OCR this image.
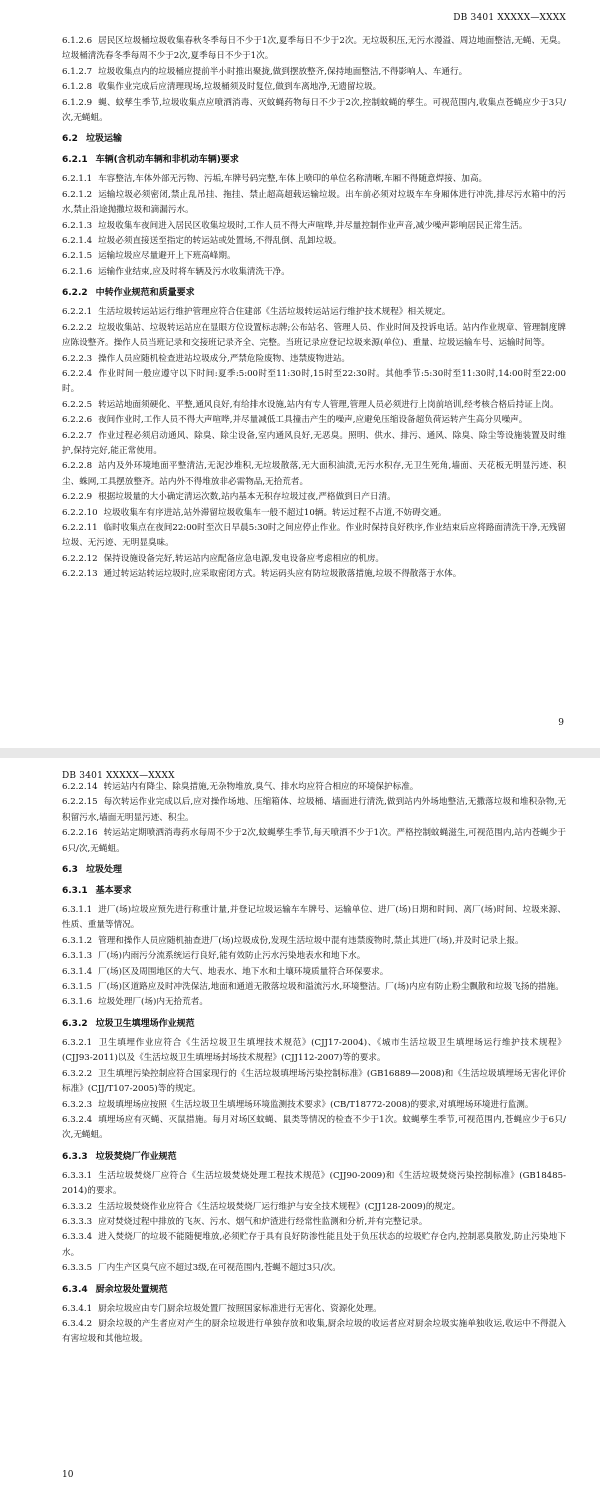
DB 3401 XXXXX—XXXX
6.1.2.6 居民区垃圾桶垃圾收集春秋冬季每日不少于1次,夏季每日不少于2次。无垃圾积压,无污水漫溢、周边地面整洁,无蝇、无臭。垃圾桶清洗春冬季每周不少于2次,夏季每日不少于1次。
6.1.2.7 垃圾收集点内的垃圾桶应提前半小时推出聚拢,做到摆放整齐,保持地面整洁,不得影响人、车通行。
6.1.2.8 收集作业完成后应清理现场,垃圾桶须及时复位,做到车离地净,无遗留垃圾。
6.1.2.9 蝇、蚊孳生季节,垃圾收集点应喷洒消毒、灭蚊蝇药物每日不少于2次,控制蚊蝇的孳生。可视范围内,收集点苍蝇应少于3只/次,无蝇蛆。
6.2 垃圾运输
6.2.1 车辆(含机动车辆和非机动车辆)要求
6.2.1.1 车容整洁,车体外部无污物、污垢,车牌号码完整,车体上喷印的单位名称清晰,车厢不得随意焊接、加高。
6.2.1.2 运输垃圾必须密闭,禁止乱吊挂、拖挂、禁止超高超载运输垃圾。出车前必须对垃圾车车身厢体进行冲洗,排尽污水箱中的污水,禁止沿途抛撒垃圾和滴漏污水。
6.2.1.3 垃圾收集车夜间进入居民区收集垃圾时,工作人员不得大声喧哗,并尽量控制作业声音,减少噪声影响居民正常生活。
6.2.1.4 垃圾必须直接送至指定的转运站或处置场,不得乱倒、乱卸垃圾。
6.2.1.5 运输垃圾应尽量避开上下班高峰期。
6.2.1.6 运输作业结束,应及时将车辆及污水收集清洗干净。
6.2.2 中转作业规范和质量要求
6.2.2.1 生活垃圾转运站运行维护管理应符合住建部《生活垃圾转运站运行维护技术规程》相关规定。
6.2.2.2 垃圾收集站、垃圾转运站应在显眼方位设置标志牌;公布站名、管理人员、作业时间及投诉电话。站内作业规章、管理制度牌应陈设整齐。操作人员当班记录和交接班记录齐全、完整。当班记录应登记垃圾来源(单位)、重量、垃圾运输车号、运输时间等。
6.2.2.3 操作人员应随机检查进站垃圾成分,严禁危险废物、违禁废物进站。
6.2.2.4 作业时间一般应遵守以下时间:夏季:5:00时至11:30时,15时至22:30时。其他季节:5:30时至11:30时,14:00时至22:00时。
6.2.2.5 转运站地面须硬化、平整,通风良好,有给排水设施,站内有专人管理,管理人员必须进行上岗前培训,经考核合格后持证上岗。
6.2.2.6 夜间作业时,工作人员不得大声喧哗,并尽量减低工具撞击产生的噪声,应避免压缩设备超负荷运转产生高分贝噪声。
6.2.2.7 作业过程必须启动通风、除臭、除尘设备,室内通风良好,无恶臭。照明、供水、排污、通风、除臭、除尘等设施装置及时维护,保持完好,能正常使用。
6.2.2.8 站内及外环境地面平整清洁,无泥沙堆积,无垃圾散落,无大面积油渍,无污水积存,无卫生死角,墙面、天花板无明显污迹、积尘、蛛网,工具摆放整齐。站内外不得堆放非必需物品,无拾荒者。
6.2.2.9 根据垃圾量的大小确定清运次数,站内基本无积存垃圾过夜,严格做到日产日清。
6.2.2.10 垃圾收集车有序进站,站外滞留垃圾收集车一般不超过10辆。转运过程不占道,不妨碍交通。
6.2.2.11 临时收集点在夜间22:00时至次日早晨5:30时之间应停止作业。作业时保持良好秩序,作业结束后应将路面清洗干净,无残留垃圾、无污迹、无明显臭味。
6.2.2.12 保持设施设备完好,转运站内应配备应急电源,发电设备应考虑相应的机房。
6.2.2.13 通过转运站转运垃圾时,应采取密闭方式。转运码头应有防垃圾散落措施,垃圾不得散落于水体。
9
DB 3401 XXXXX—XXXX
6.2.2.14 转运站内有降尘、除臭措施,无杂物堆放,臭气、排水均应符合相应的环境保护标准。
6.2.2.15 每次转运作业完成以后,应对操作场地、压缩箱体、垃圾桶、墙面进行清洗,做到站内外场地整洁,无撒落垃圾和堆积杂物,无积留污水,墙面无明显污迹、积尘。
6.2.2.16 转运站定期喷洒消毒药水每周不少于2次,蚊蝇孳生季节,每天喷洒不少于1次。严格控制蚊蝇滋生,可视范围内,站内苍蝇少于6只/次,无蝇蛆。
6.3 垃圾处理
6.3.1 基本要求
6.3.1.1 进厂(场)垃圾应预先进行称重计量,并登记垃圾运输车车牌号、运输单位、进厂(场)日期和时间、离厂(场)时间、垃圾来源、性质、重量等情况。
6.3.1.2 管理和操作人员应随机抽查进厂(场)垃圾成份,发现生活垃圾中混有违禁废物时,禁止其进厂(场),并及时记录上报。
6.3.1.3 厂(场)内雨污分流系统运行良好,能有效防止污水污染地表水和地下水。
6.3.1.4 厂(场)区及周围地区的大气、地表水、地下水和土壤环境质量符合环保要求。
6.3.1.5 厂(场)区道路应及时冲洗保洁,地面和通道无散落垃圾和溢流污水,环境整洁。厂(场)内应有防止粉尘飘散和垃圾飞扬的措施。
6.3.1.6 垃圾处理厂(场)内无拾荒者。
6.3.2 垃圾卫生填埋场作业规范
6.3.2.1 卫生填埋作业应符合《生活垃圾卫生填埋技术规范》(CJJ17-2004)、《城市生活垃圾卫生填埋场运行维护技术规程》(CJJ93-2011)以及《生活垃圾卫生填埋场封场技术规程》(CJJ112-2007)等的要求。
6.3.2.2 卫生填埋污染控制应符合国家现行的《生活垃圾填埋场污染控制标准》(GB16889—2008)和《生活垃圾填埋场无害化评价标准》(CJJ/T107-2005)等的规定。
6.3.2.3 垃圾填埋场应按照《生活垃圾卫生填埋场环境监测技术要求》(CB/T18772-2008)的要求,对填埋场环境进行监测。
6.3.2.4 填埋场应有灭蝇、灭鼠措施。每月对场区蚊蝇、鼠类等情况的检查不少于1次。蚊蝇孳生季节,可视范围内,苍蝇应少于6只/次,无蝇蛆。
6.3.3 垃圾焚烧厂作业规范
6.3.3.1 生活垃圾焚烧厂应符合《生活垃圾焚烧处理工程技术规范》(CJJ90-2009)和《生活垃圾焚烧污染控制标准》(GB18485-2014)的要求。
6.3.3.2 生活垃圾焚烧作业应符合《生活垃圾焚烧厂运行维护与安全技术规程》(CJJ128-2009)的规定。
6.3.3.3 应对焚烧过程中排放的飞灰、污水、烟气和炉渣进行经常性监测和分析,并有完整记录。
6.3.3.4 进入焚烧厂的垃圾不能随便堆放,必须贮存于具有良好防渗性能且处于负压状态的垃圾贮存仓内,控制恶臭散发,防止污染地下水。
6.3.3.5 厂内生产区臭气应不超过3级,在可视范围内,苍蝇不超过3只/次。
6.3.4 厨余垃圾处置规范
6.3.4.1 厨余垃圾应由专门厨余垃圾处置厂按照国家标准进行无害化、资源化处理。
6.3.4.2 厨余垃圾的产生者应对产生的厨余垃圾进行单独存放和收集,厨余垃圾的收运者应对厨余垃圾实施单独收运,收运中不得混入有害垃圾和其他垃圾。
10
